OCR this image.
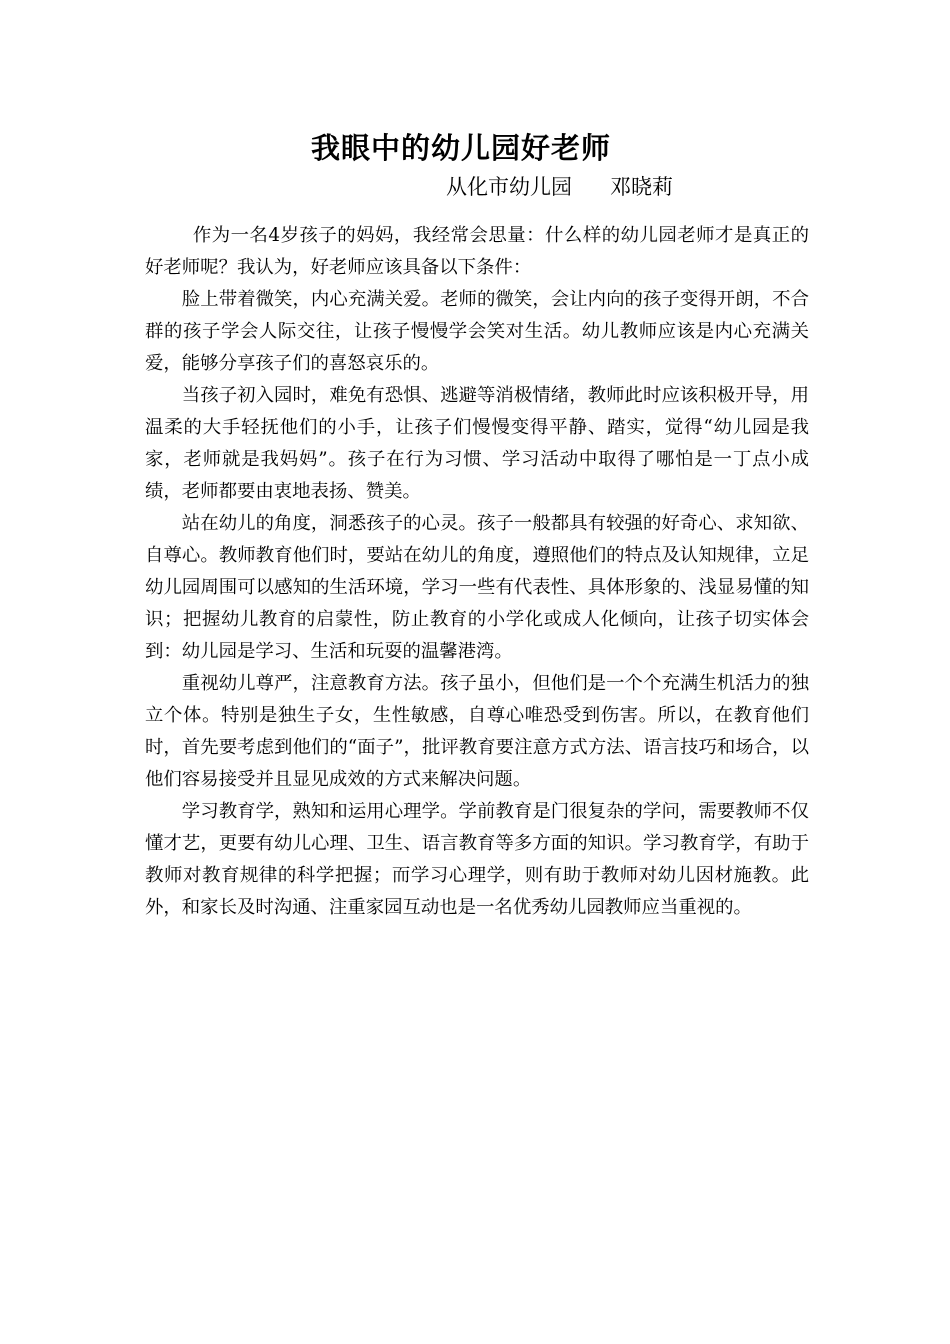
我眼中的幼儿园好老师
从化市幼儿园 邓晓莉

作为一名4岁孩子的妈妈，我经常会思量：什么样的幼儿园老师才是真正的好老师呢？我认为，好老师应该具备以下条件：

脸上带着微笑，内心充满关爱。老师的微笑，会让内向的孩子变得开朗，不合群的孩子学会人际交往，让孩子慢慢学会笑对生活。幼儿教师应该是内心充满关爱，能够分享孩子们的喜怒哀乐的。

当孩子初入园时，难免有恐惧、逃避等消极情绪，教师此时应该积极开导，用温柔的大手轻抚他们的小手，让孩子们慢慢变得平静、踏实，觉得“幼儿园是我家，老师就是我妈妈”。孩子在行为习惯、学习活动中取得了哪怕是一丁点小成绩，老师都要由衷地表扬、赞美。

站在幼儿的角度，洞悉孩子的心灵。孩子一般都具有较强的好奇心、求知欲、自尊心。教师教育他们时，要站在幼儿的角度，遵照他们的特点及认知规律，立足幼儿园周围可以感知的生活环境，学习一些有代表性、具体形象的、浅显易懂的知识；把握幼儿教育的启蒙性，防止教育的小学化或成人化倾向，让孩子切实体会到：幼儿园是学习、生活和玩耍的温馨港湾。

重视幼儿尊严，注意教育方法。孩子虽小，但他们是一个个充满生机活力的独立个体。特别是独生子女，生性敏感，自尊心唯恐受到伤害。所以，在教育他们时，首先要考虑到他们的“面子”，批评教育要注意方式方法、语言技巧和场合，以他们容易接受并且显见成效的方式来解决问题。

学习教育学，熟知和运用心理学。学前教育是门很复杂的学问，需要教师不仅懂才艺，更要有幼儿心理、卫生、语言教育等多方面的知识。学习教育学，有助于教师对教育规律的科学把握；而学习心理学，则有助于教师对幼儿因材施教。此外，和家长及时沟通、注重家园互动也是一名优秀幼儿园教师应当重视的。
